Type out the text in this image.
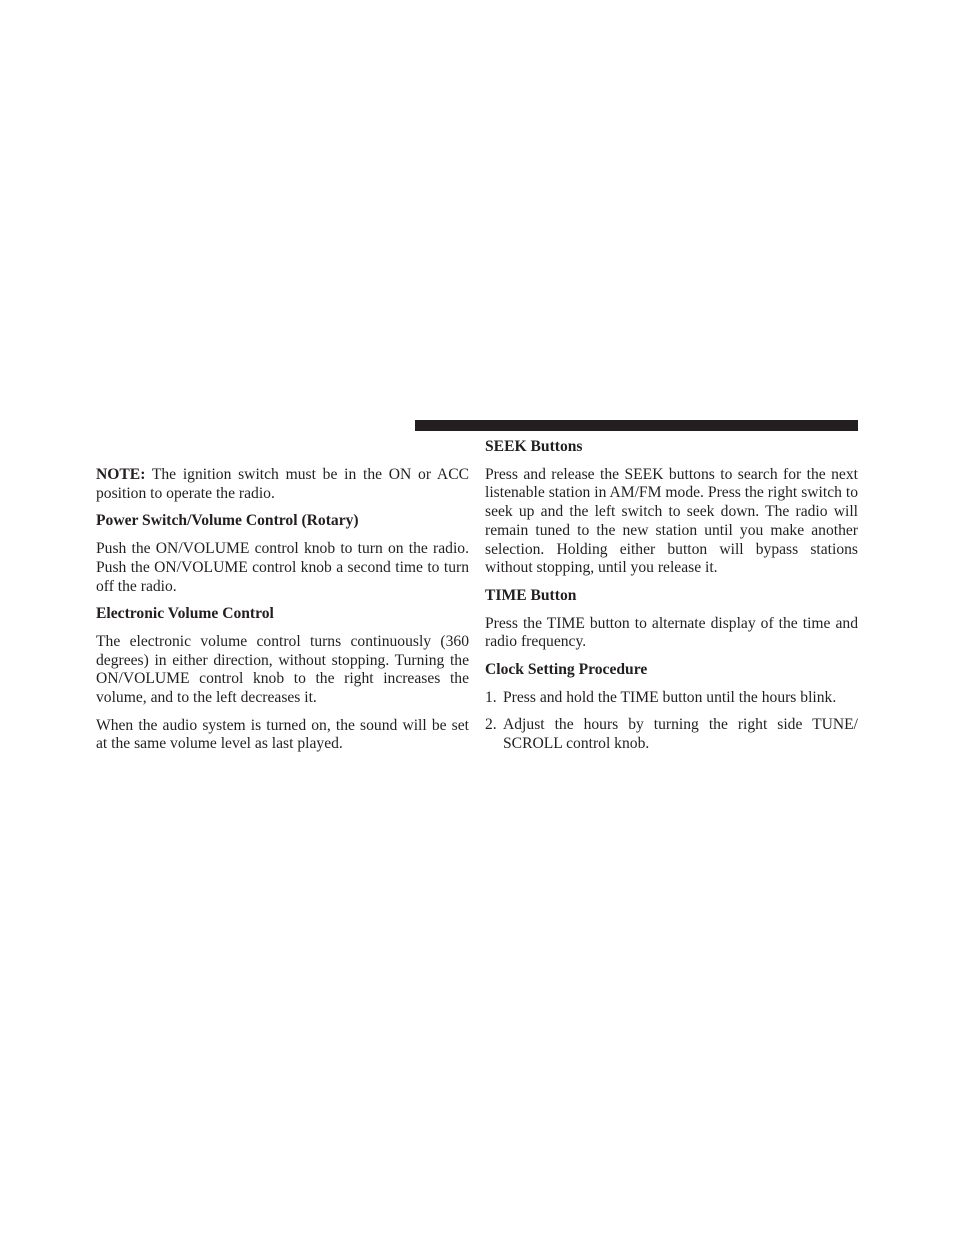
NOTE: The ignition switch must be in the ON or ACC position to operate the radio.

Power Switch/Volume Control (Rotary)

Push the ON/VOLUME control knob to turn on the radio. Push the ON/VOLUME control knob a second time to turn off the radio.

Electronic Volume Control

The electronic volume control turns continuously (360 degrees) in either direction, without stopping. Turning the ON/VOLUME control knob to the right increases the volume, and to the left decreases it.

When the audio system is turned on, the sound will be set at the same volume level as last played.

SEEK Buttons

Press and release the SEEK buttons to search for the next listenable station in AM/FM mode. Press the right switch to seek up and the left switch to seek down. The radio will remain tuned to the new station until you make another selection. Holding either button will bypass stations without stopping, until you release it.

TIME Button

Press the TIME button to alternate display of the time and radio frequency.

Clock Setting Procedure
1. Press and hold the TIME button until the hours blink.
2. Adjust the hours by turning the right side TUNE/ SCROLL control knob.
